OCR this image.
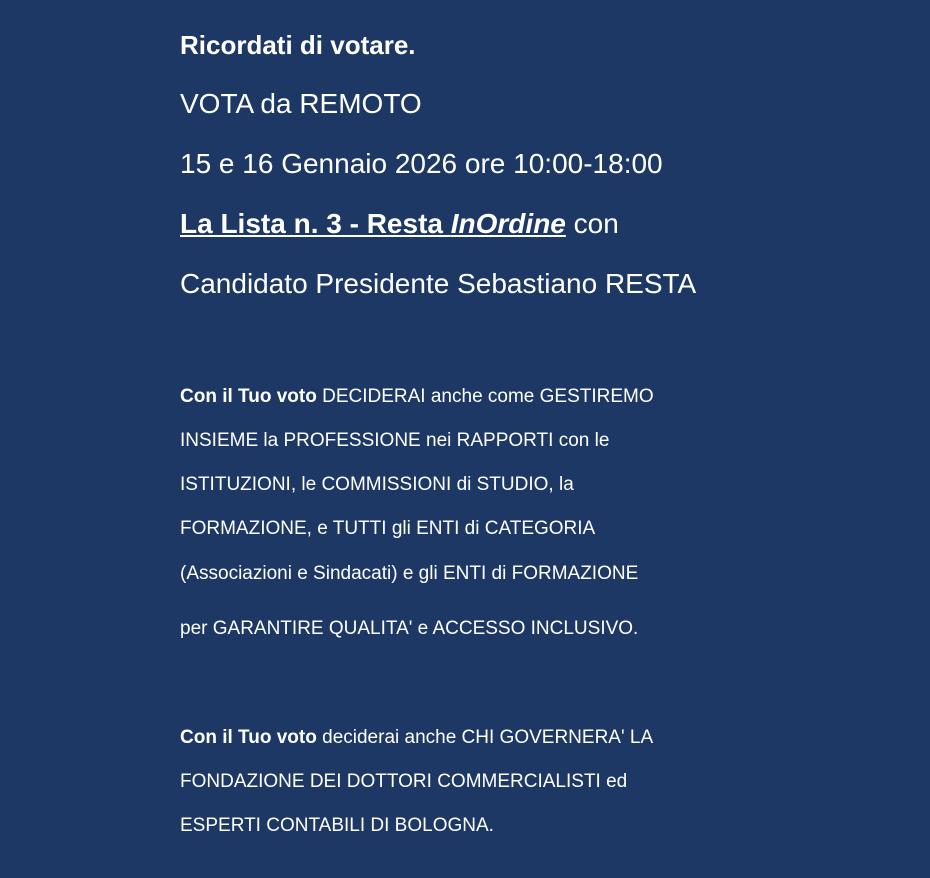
Ricordati di votare.
VOTA da REMOTO
15 e 16 Gennaio 2026 ore 10:00-18:00
La Lista n. 3 - Resta InOrdine con
Candidato Presidente Sebastiano RESTA
Con il Tuo voto DECIDERAI anche come GESTIREMO
INSIEME la PROFESSIONE nei RAPPORTI con le
ISTITUZIONI, le COMMISSIONI di STUDIO, la
FORMAZIONE, e TUTTI gli ENTI di CATEGORIA
(Associazioni e Sindacati) e gli ENTI di FORMAZIONE
per GARANTIRE QUALITA' e ACCESSO INCLUSIVO.
Con il Tuo voto deciderai anche CHI GOVERNERA' LA
FONDAZIONE DEI DOTTORI COMMERCIALISTI ed
ESPERTI CONTABILI DI BOLOGNA.
